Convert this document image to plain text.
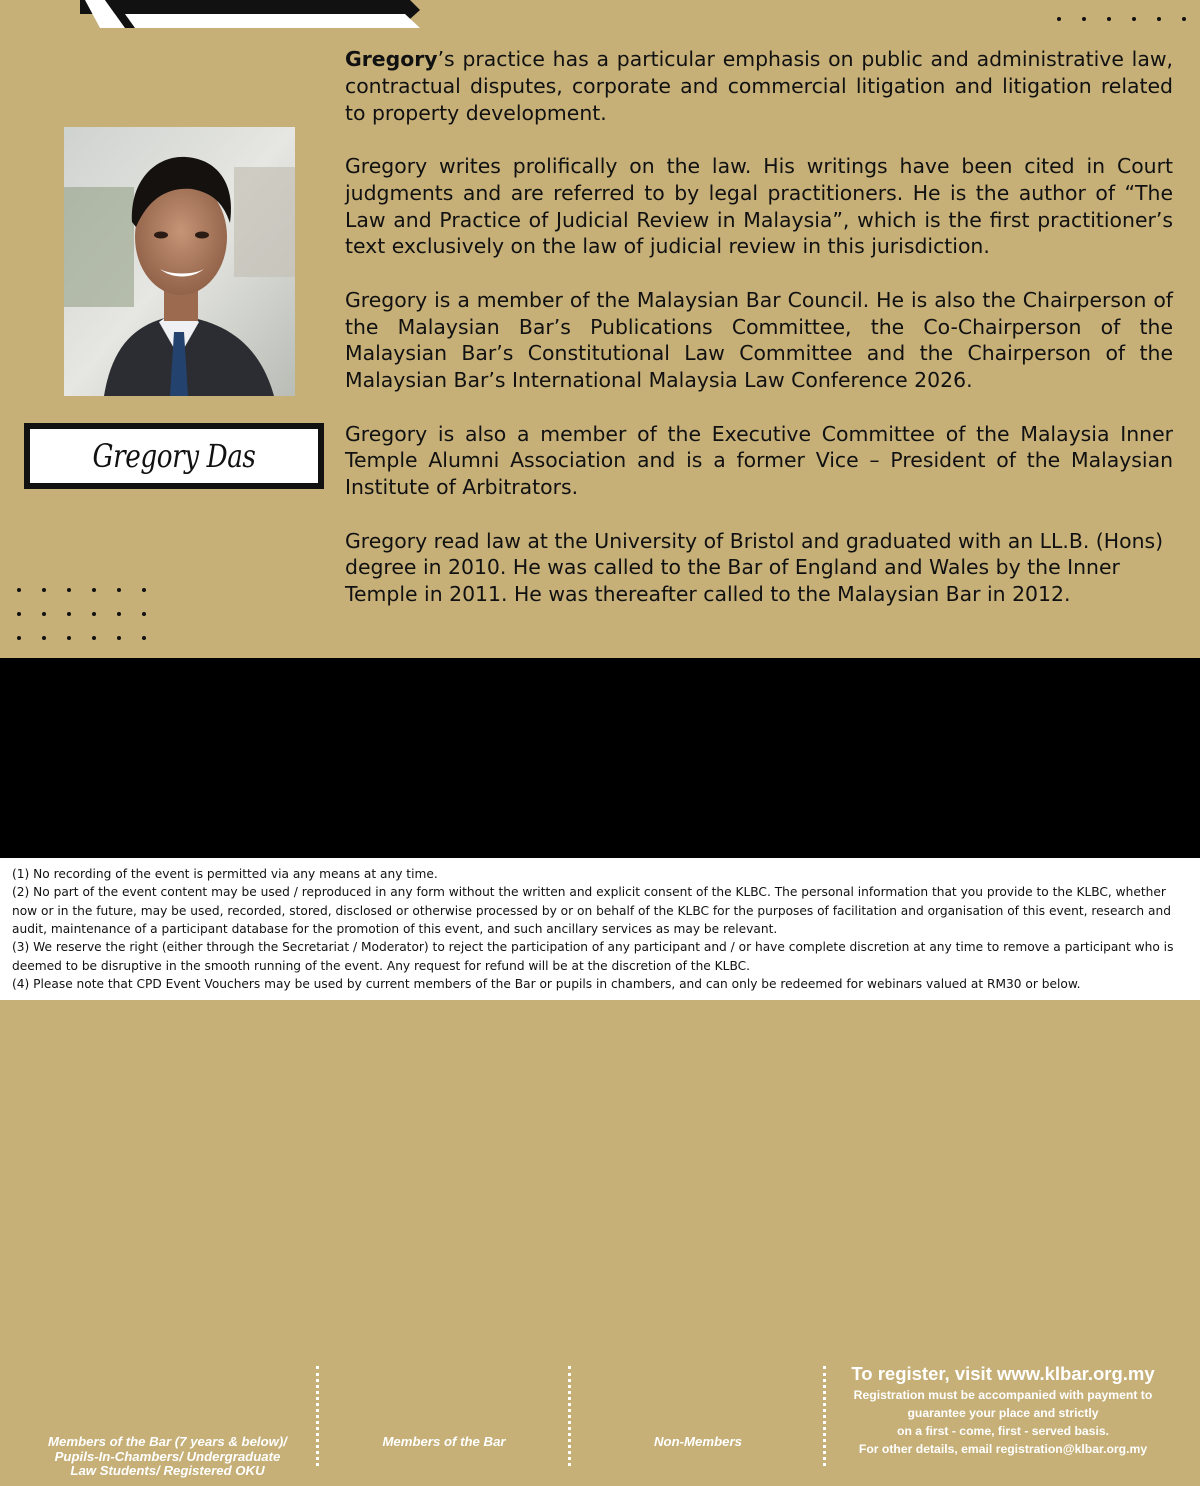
Gregory Das

Gregory’s practice has a particular emphasis on public and administrative law, contractual disputes, corporate and commercial litigation and litigation related to property development.

Gregory writes prolifically on the law. His writings have been cited in Court judgments and are referred to by legal practitioners. He is the author of “The Law and Practice of Judicial Review in Malaysia”, which is the first practitioner’s text exclusively on the law of judicial review in this jurisdiction.

Gregory is a member of the Malaysian Bar Council. He is also the Chairperson of the Malaysian Bar’s Publications Committee, the Co-Chairperson of the Malaysian Bar’s Constitutional Law Committee and the Chairperson of the Malaysian Bar’s International Malaysia Law Conference 2026.

Gregory is also a member of the Executive Committee of the Malaysia Inner Temple Alumni Association and is a former Vice – President of the Malaysian Institute of Arbitrators.

Gregory read law at the University of Bristol and graduated with an LL.B. (Hons) degree in 2010. He was called to the Bar of England and Wales by the Inner Temple in 2011. He was thereafter called to the Malaysian Bar in 2012.

RM 30
Members of the Bar (7 years & below)/
Pupils-In-Chambers/ Undergraduate
Law Students/ Registered OKU
RM 50
Members of the Bar
RM 100
Non-Members
To register, visit www.klbar.org.my
Registration must be accompanied with payment to
guarantee your place and strictly
on a first - come, first - served basis.
For other details, email registration@klbar.org.my
(1) No recording of the event is permitted via any means at any time.
(2) No part of the event content may be used / reproduced in any form without the written and explicit consent of the KLBC. The personal information that you provide to the KLBC, whether now or in the future, may be used, recorded, stored, disclosed or otherwise processed by or on behalf of the KLBC for the purposes of facilitation and organisation of this event, research and audit, maintenance of a participant database for the promotion of this event, and such ancillary services as may be relevant.
(3) We reserve the right (either through the Secretariat / Moderator) to reject the participation of any participant and / or have complete discretion at any time to remove a participant who is deemed to be disruptive in the smooth running of the event. Any request for refund will be at the discretion of the KLBC.
(4) Please note that CPD Event Vouchers may be used by current members of the Bar or pupils in chambers, and can only be redeemed for webinars valued at RM30 or below.
